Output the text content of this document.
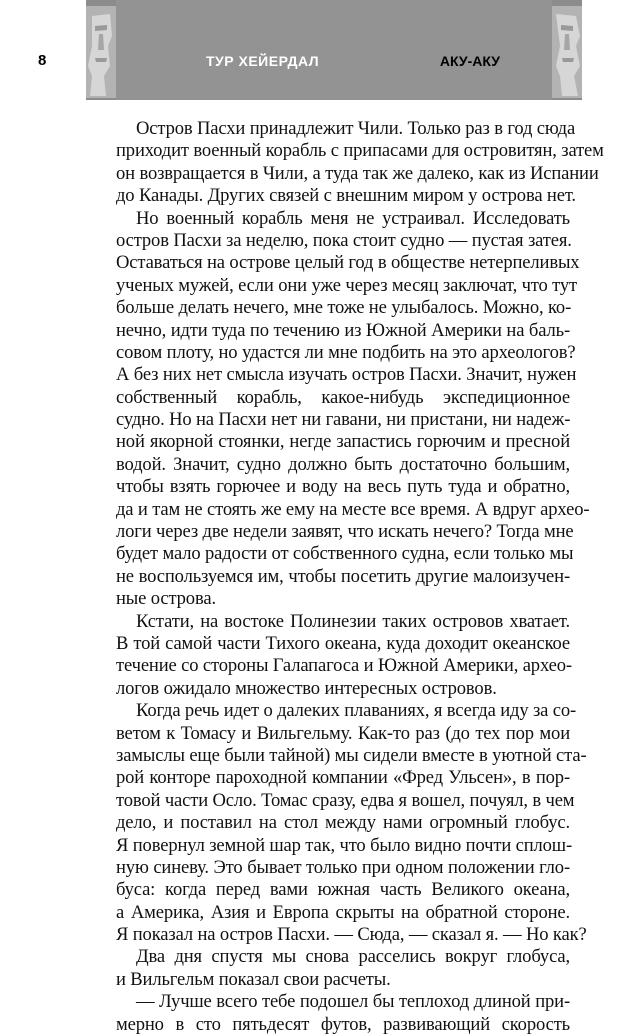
8	ТУР ХЕЙЕРДАЛ	АКУ-АКУ
Остров Пасхи принадлежит Чили. Только раз в год сюда
приходит военный корабль с припасами для островитян, затем
он возвращается в Чили, а туда так же далеко, как из Испании
до Канады. Других связей с внешним миром у острова нет.
Но военный корабль меня не устраивал. Исследовать
остров Пасхи за неделю, пока стоит судно — пустая затея.
Оставаться на острове целый год в обществе нетерпеливых
ученых мужей, если они уже через месяц заключат, что тут
больше делать нечего, мне тоже не улыбалось. Можно, ко-
нечно, идти туда по течению из Южной Америки на баль-
совом плоту, но удастся ли мне подбить на это археологов?
А без них нет смысла изучать остров Пасхи. Значит, нужен
собственный корабль, какое-нибудь экспедиционное
судно. Но на Пасхи нет ни гавани, ни пристани, ни надеж-
ной якорной стоянки, негде запастись горючим и пресной
водой. Значит, судно должно быть достаточно большим,
чтобы взять горючее и воду на весь путь туда и обратно,
да и там не стоять же ему на месте все время. А вдруг архео-
логи через две недели заявят, что искать нечего? Тогда мне
будет мало радости от собственного судна, если только мы
не воспользуемся им, чтобы посетить другие малоизучен-
ные острова.
Кстати, на востоке Полинезии таких островов хватает.
В той самой части Тихого океана, куда доходит океанское
течение со стороны Галапагоса и Южной Америки, архео-
логов ожидало множество интересных островов.
Когда речь идет о далеких плаваниях, я всегда иду за со-
ветом к Томасу и Вильгельму. Как-то раз (до тех пор мои
замыслы еще были тайной) мы сидели вместе в уютной ста-
рой конторе пароходной компании «Фред Ульсен», в пор-
товой части Осло. Томас сразу, едва я вошел, почуял, в чем
дело, и поставил на стол между нами огромный глобус.
Я повернул земной шар так, что было видно почти сплош-
ную синеву. Это бывает только при одном положении гло-
буса: когда перед вами южная часть Великого океана,
а Америка, Азия и Европа скрыты на обратной стороне.
Я показал на остров Пасхи. — Сюда, — сказал я. — Но как?
Два дня спустя мы снова расселись вокруг глобуса,
и Вильгельм показал свои расчеты.
— Лучше всего тебе подошел бы теплоход длиной при-
мерно в сто пятьдесят футов, развивающий скорость
